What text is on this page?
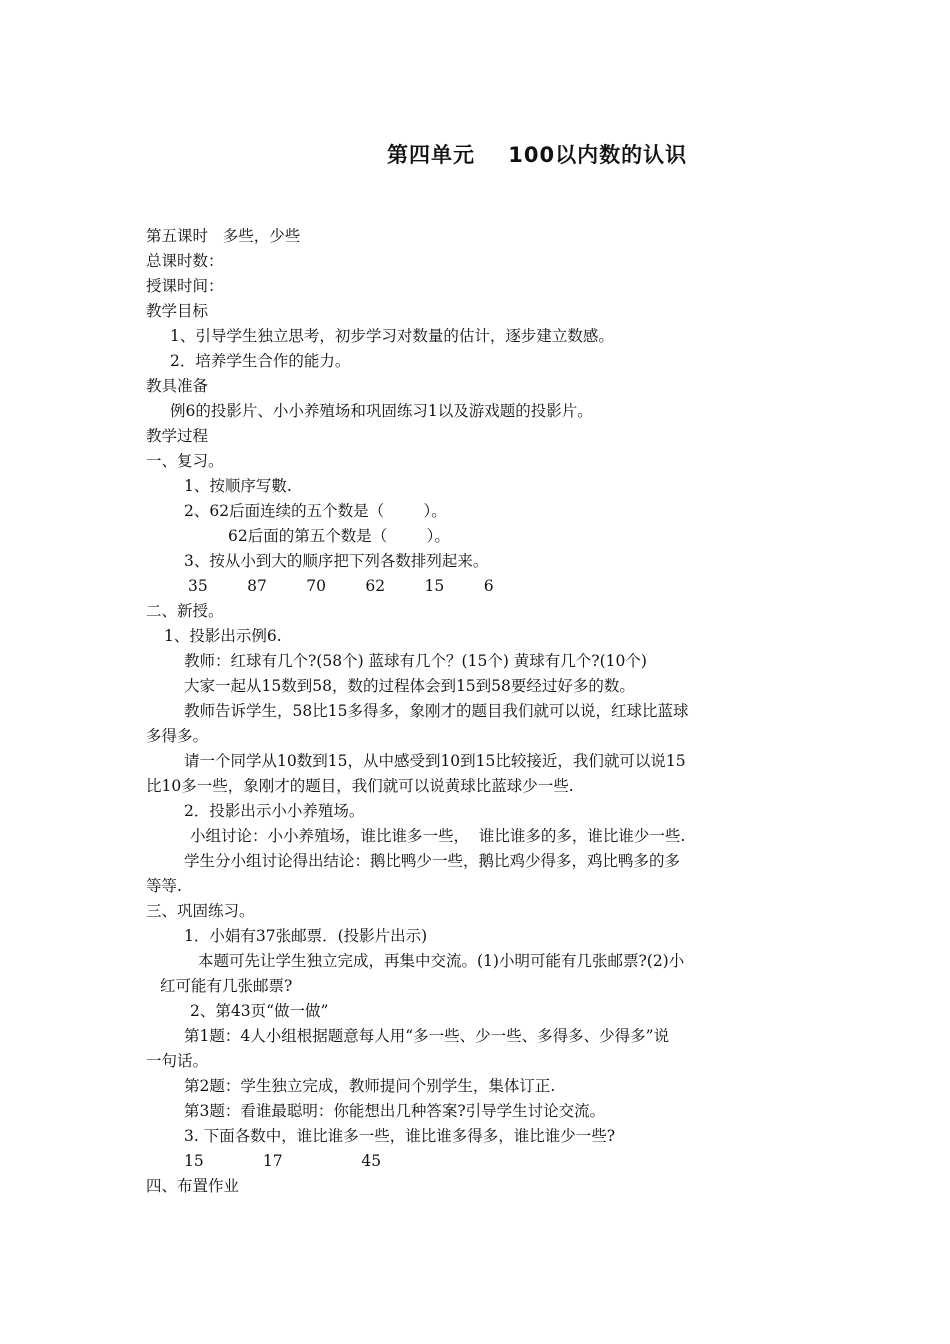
第四单元    100以内数的认识
第五课时   多些，少些
总课时数：
授课时间：
教学目标
1、引导学生独立思考，初步学习对数量的估计，逐步建立数感。
2．培养学生合作的能力。
教具准备
例6的投影片、小小养殖场和巩固练习1以及游戏题的投影片。
教学过程
一、复习。
1、按顺序写數.
2、62后面连续的五个数是（        ）。
62后面的第五个数是（        ）。
3、按从小到大的顺序把下列各数排列起来。
35        87        70        62        15        6
二、新授。
1、投影出示例6.
教师：红球有几个?(58个) 蓝球有几个？(15个) 黄球有几个?(10个)
大家一起从15数到58，数的过程体会到15到58要经过好多的数。
教师告诉学生，58比15多得多，象刚才的题目我们就可以说，红球比蓝球
多得多。
请一个同学从10数到15，从中感受到10到15比较接近，我们就可以说15
比10多一些，象刚才的题目，我们就可以说黄球比蓝球少一些.
2．投影出示小小养殖场。
小组讨论：小小养殖场，谁比谁多一些，  谁比谁多的多，谁比谁少一些.
学生分小组讨论得出结论：鹅比鸭少一些，鹅比鸡少得多，鸡比鸭多的多
等等.
三、巩固练习。
1．小娟有37张邮票．(投影片出示)
本题可先让学生独立完成，再集中交流。(1)小明可能有几张邮票?(2)小
红可能有几张邮票?
2、第43页“做一做”
第1题：4人小组根据题意每人用“多一些、少一些、多得多、少得多”说
一句话。
第2题：学生独立完成，教师提问个别学生，集体订正.
第3题：看谁最聪明：你能想出几种答案?引导学生讨论交流。
3. 下面各数中，谁比谁多一些，谁比谁多得多，谁比谁少一些?
15            17                45
四、布置作业
